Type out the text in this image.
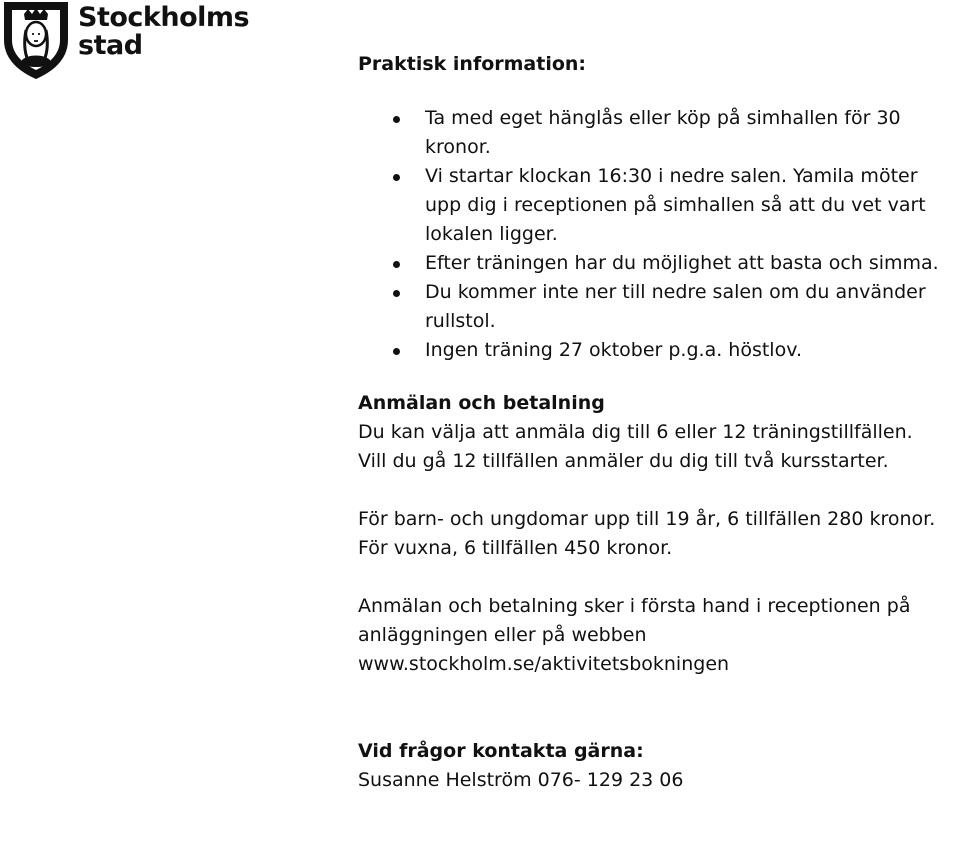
Stockholms
stad

Praktisk information:

Ta med eget hänglås eller köp på simhallen för 30 kronor.
Vi startar klockan 16:30 i nedre salen. Yamila möter upp dig i receptionen på simhallen så att du vet vart lokalen ligger.
Efter träningen har du möjlighet att basta och simma.
Du kommer inte ner till nedre salen om du använder rullstol.
Ingen träning 27 oktober p.g.a. höstlov.

Anmälan och betalning

Du kan välja att anmäla dig till 6 eller 12 träningstillfällen.

Vill du gå 12 tillfällen anmäler du dig till två kursstarter.

För barn- och ungdomar upp till 19 år, 6 tillfällen 280 kronor.

För vuxna, 6 tillfällen 450 kronor.

Anmälan och betalning sker i första hand i receptionen på anläggningen eller på webben

www.stockholm.se/aktivitetsbokningen

Vid frågor kontakta gärna:

Susanne Helström 076- 129 23 06
